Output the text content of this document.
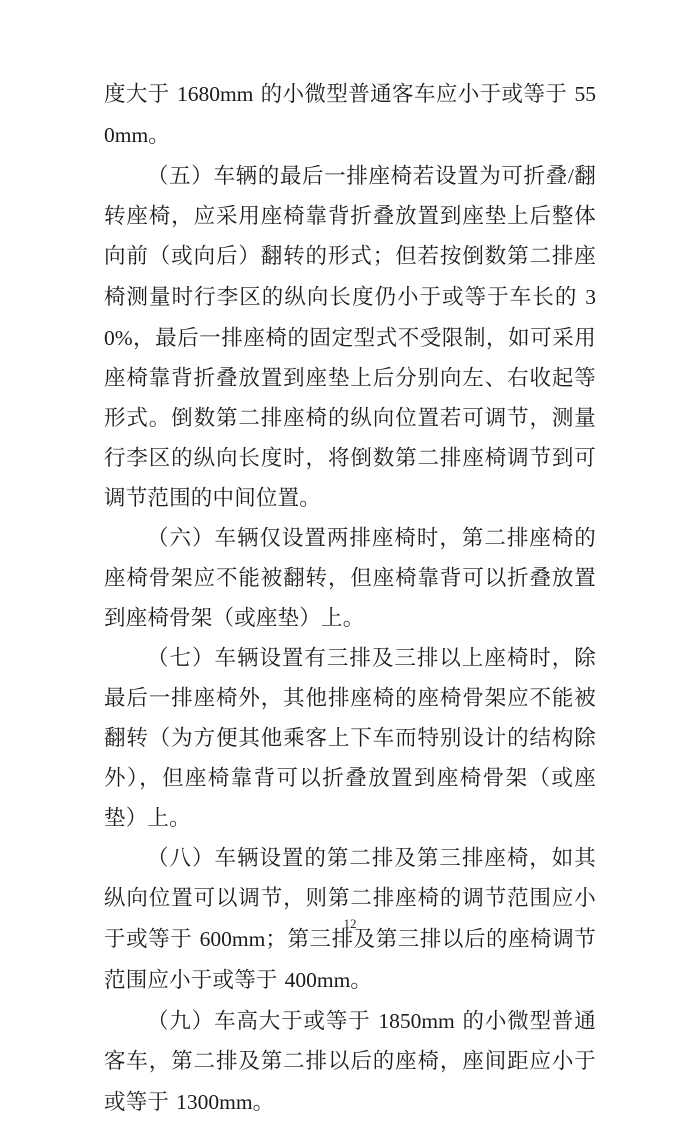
度大于 1680mm 的小微型普通客车应小于或等于 550mm。

（五）车辆的最后一排座椅若设置为可折叠/翻转座椅，应采用座椅靠背折叠放置到座垫上后整体向前（或向后）翻转的形式；但若按倒数第二排座椅测量时行李区的纵向长度仍小于或等于车长的 30%，最后一排座椅的固定型式不受限制，如可采用座椅靠背折叠放置到座垫上后分别向左、右收起等形式。倒数第二排座椅的纵向位置若可调节，测量行李区的纵向长度时，将倒数第二排座椅调节到可调节范围的中间位置。

（六）车辆仅设置两排座椅时，第二排座椅的座椅骨架应不能被翻转，但座椅靠背可以折叠放置到座椅骨架（或座垫）上。

（七）车辆设置有三排及三排以上座椅时，除最后一排座椅外，其他排座椅的座椅骨架应不能被翻转（为方便其他乘客上下车而特别设计的结构除外），但座椅靠背可以折叠放置到座椅骨架（或座垫）上。

（八）车辆设置的第二排及第三排座椅，如其纵向位置可以调节，则第二排座椅的调节范围应小于或等于 600mm；第三排及第三排以后的座椅调节范围应小于或等于 400mm。

（九）车高大于或等于 1850mm 的小微型普通客车，第二排及第二排以后的座椅，座间距应小于或等于 1300mm。

12
